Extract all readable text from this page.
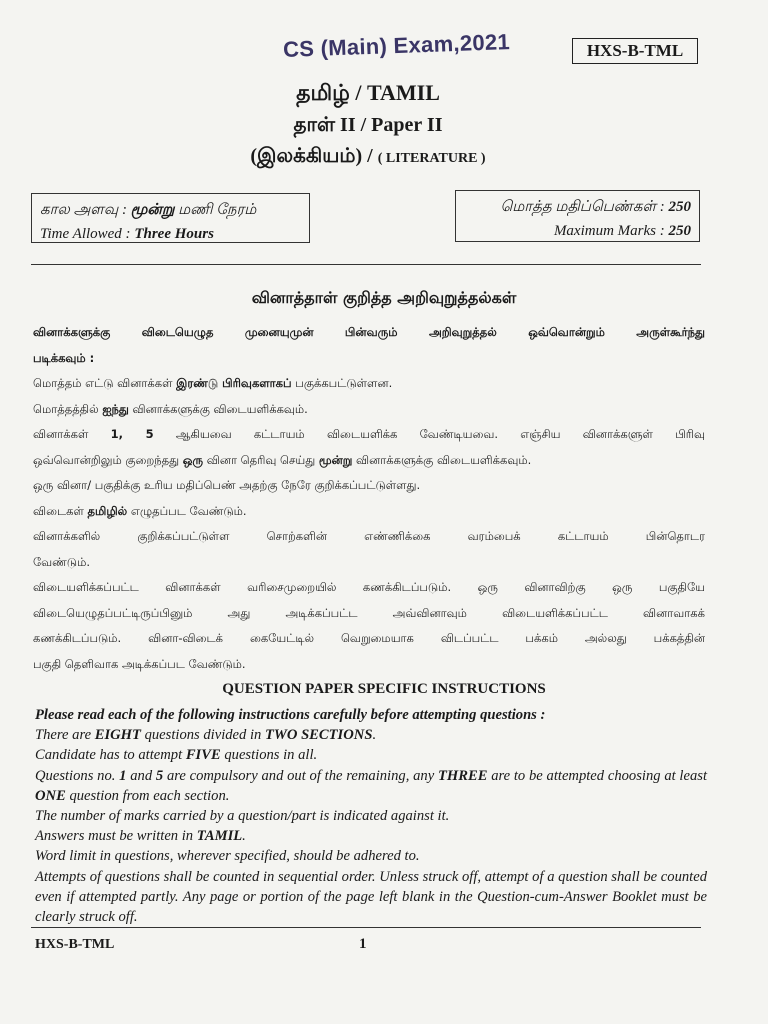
CS (Main) Exam,2021	HXS-B-TML
தமிழ் / TAMIL
தாள் II / Paper II
(இலக்கியம்) / ( LITERATURE )
கால அளவு : மூன்று மணி நேரம்
Time Allowed : Three Hours
மொத்த மதிப்பெண்கள் : 250
Maximum Marks : 250
வினாத்தாள் குறித்த அறிவுறுத்தல்கள்

வினாக்களுக்கு விடையெழுத முனையுமுன் பின்வரும் அறிவுறுத்தல் ஒவ்வொன்றும் அருள்கூர்ந்து

படிக்கவும் :

மொத்தம் எட்டு வினாக்கள் இரண்டு பிரிவுகளாகப் பகுக்கபட்டுள்ளன.

மொத்தத்தில் ஐந்து வினாக்களுக்கு விடையளிக்கவும்.

வினாக்கள் 1, 5 ஆகியவை கட்டாயம் விடையளிக்க வேண்டியவை. எஞ்சிய வினாக்களுள் பிரிவு

ஒவ்வொன்றிலும் குறைந்தது ஒரு வினா தெரிவு செய்து மூன்று வினாக்களுக்கு விடையளிக்கவும்.

ஒரு வினா/ பகுதிக்கு உரிய மதிப்பெண் அதற்கு நேரே குறிக்கப்பட்டுள்ளது.

விடைகள் தமிழில் எழுதப்பட வேண்டும்.

வினாக்களில் குறிக்கப்பட்டுள்ள சொற்களின் எண்ணிக்கை வரம்பைக் கட்டாயம் பின்தொடர

வேண்டும்.

விடையளிக்கப்பட்ட வினாக்கள் வரிசைமுறையில் கணக்கிடப்படும். ஒரு வினாவிற்கு ஒரு பகுதியே

விடையெழுதப்பட்டிருப்பினும் அது அடிக்கப்பட்ட அவ்வினாவும் விடையளிக்கப்பட்ட வினாவாகக்

கணக்கிடப்படும். வினா-விடைக் கையேட்டில் வெறுமையாக விடப்பட்ட பக்கம் அல்லது பக்கத்தின்

பகுதி தெளிவாக அடிக்கப்பட வேண்டும்.

QUESTION PAPER SPECIFIC INSTRUCTIONS

Please read each of the following instructions carefully before attempting questions :

There are EIGHT questions divided in TWO SECTIONS.

Candidate has to attempt FIVE questions in all.

Questions no. 1 and 5 are compulsory and out of the remaining, any THREE are to be attempted choosing at least ONE question from each section.

The number of marks carried by a question/part is indicated against it.

Answers must be written in TAMIL.

Word limit in questions, wherever specified, should be adhered to.

Attempts of questions shall be counted in sequential order. Unless struck off, attempt of a question shall be counted even if attempted partly. Any page or portion of the page left blank in the Question-cum-Answer Booklet must be clearly struck off.

HXS-B-TML	1
